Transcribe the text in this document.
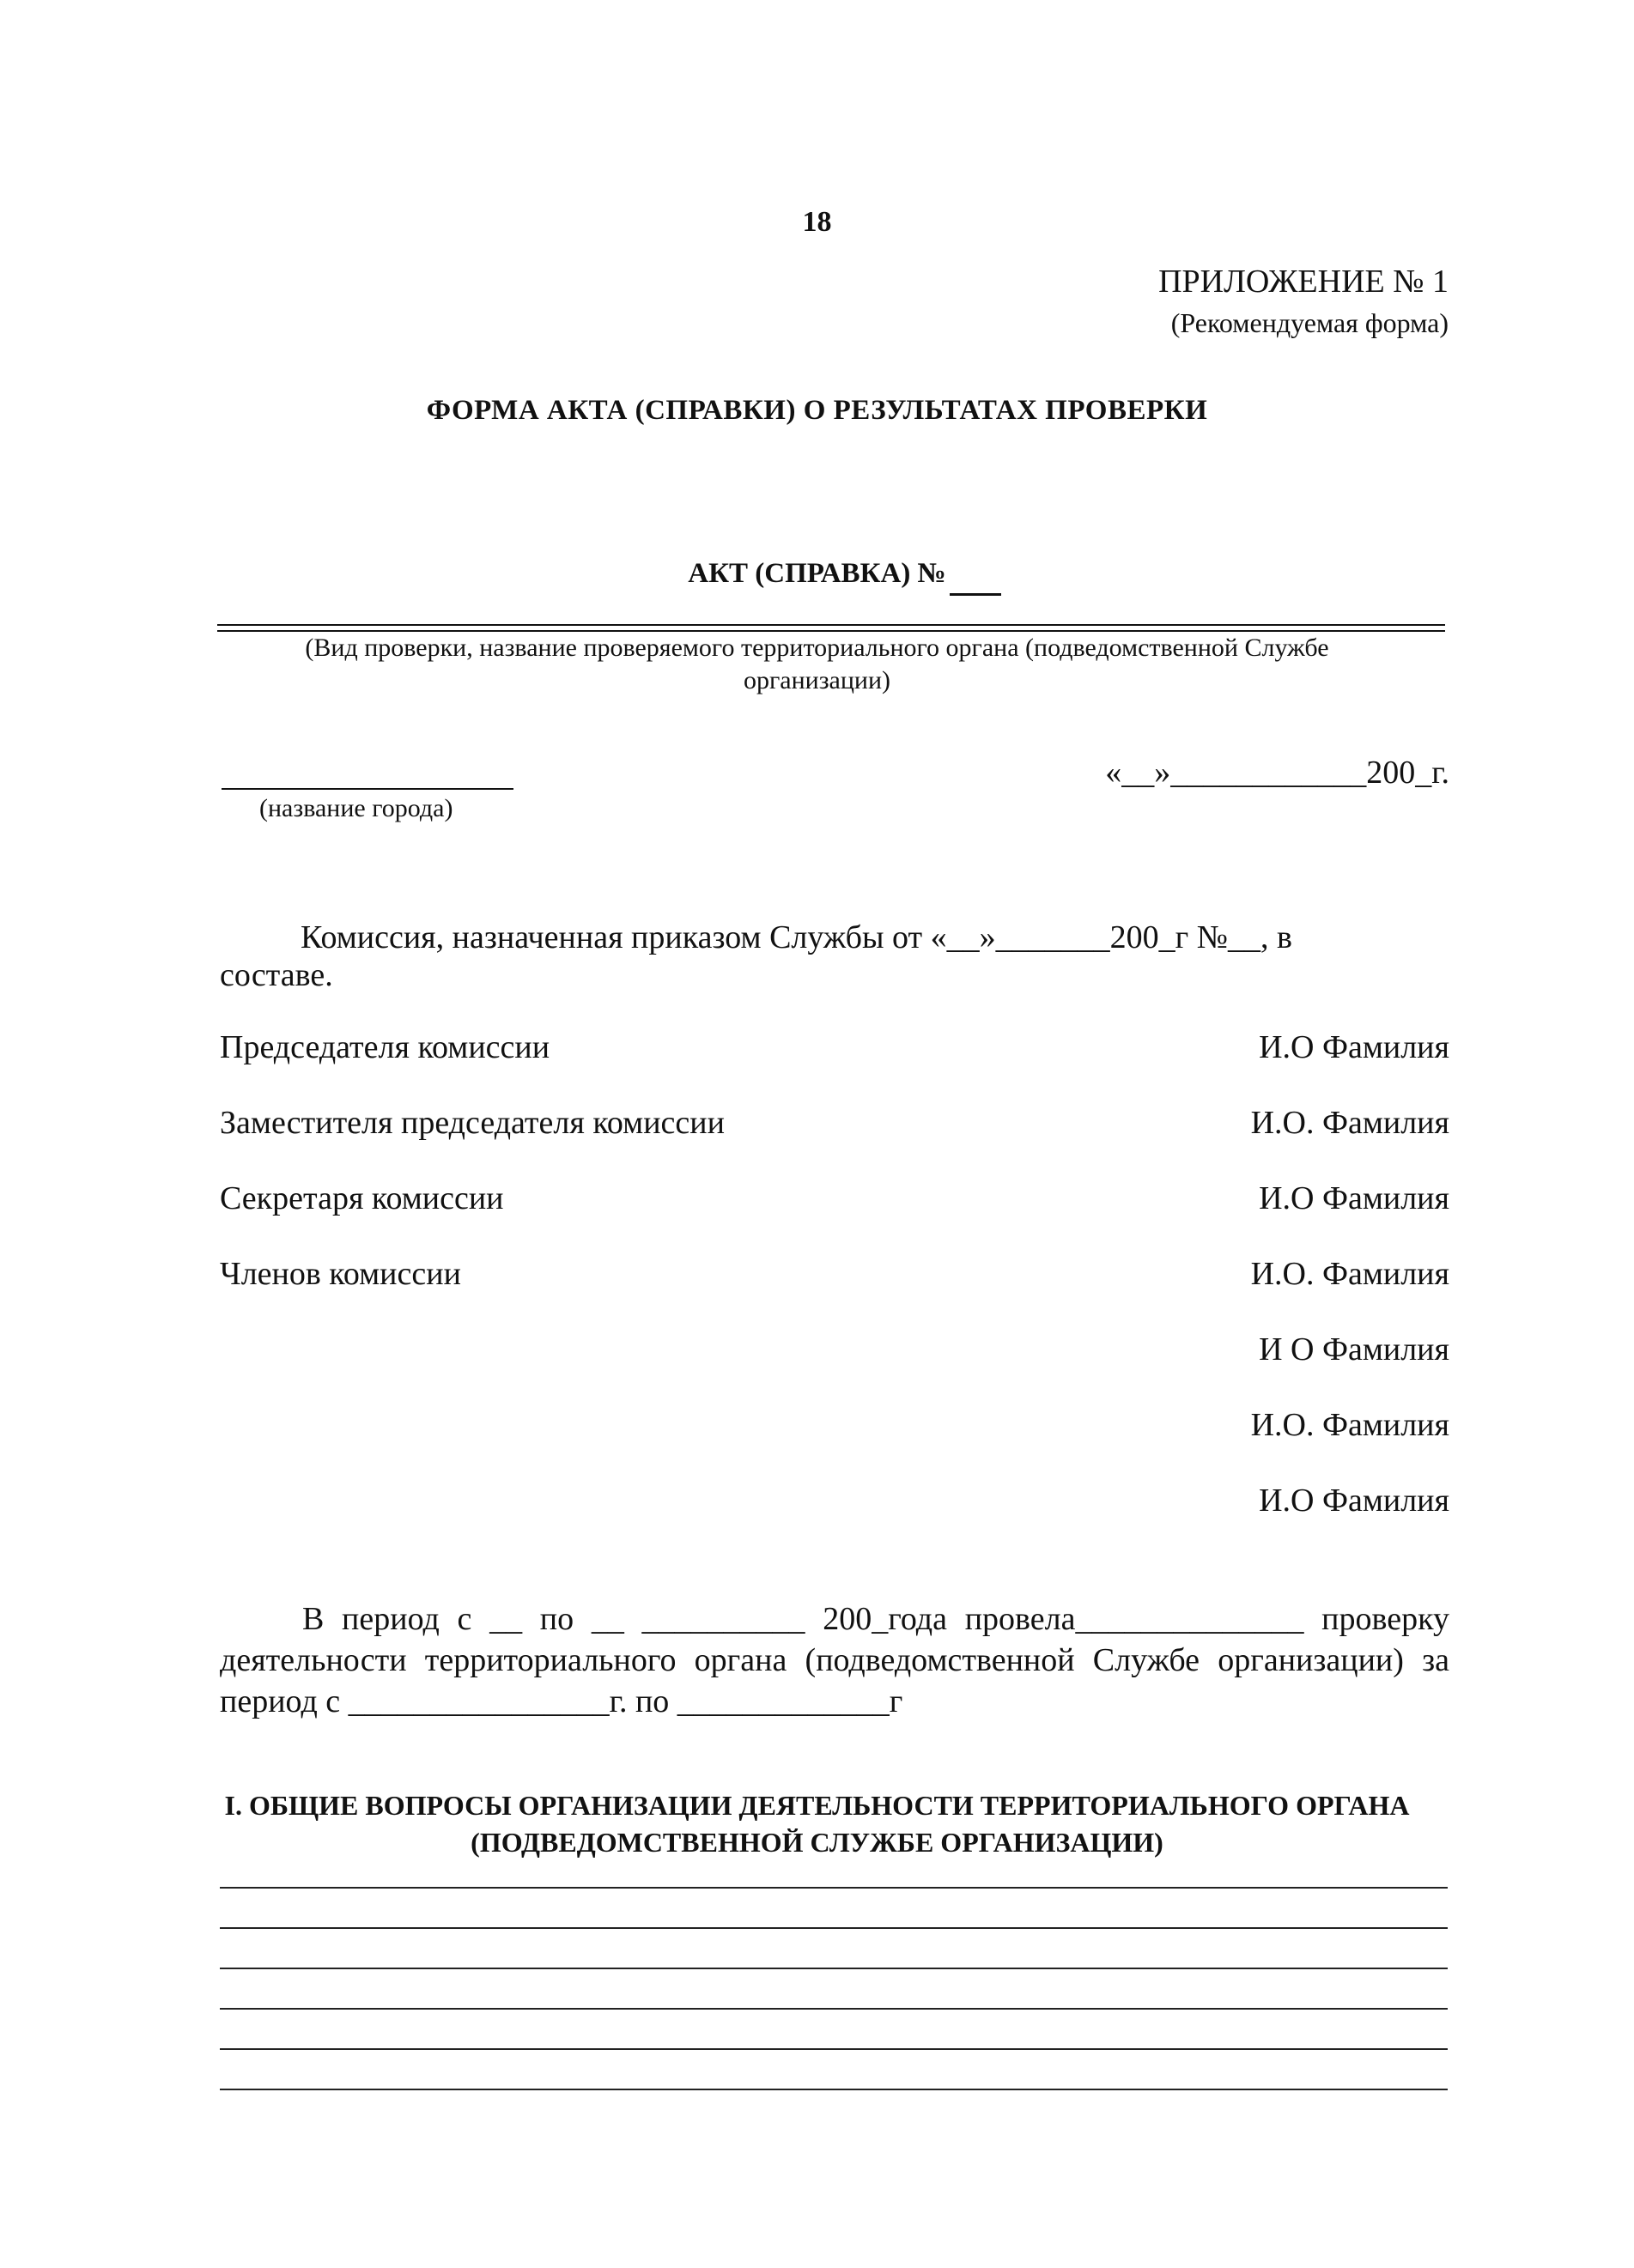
18
ПРИЛОЖЕНИЕ № 1
(Рекомендуемая форма)
ФОРМА АКТА (СПРАВКИ) О РЕЗУЛЬТАТАХ ПРОВЕРКИ
АКТ (СПРАВКА) №
(Вид проверки, название проверяемого территориального органа (подведомственной Службе
организации)
(название города)
«__»____________200_г.
Комиссия, назначенная приказом Службы от «__»_______200_г №__, в
составе.
Председателя комиссии	И.О Фамилия
Заместителя председателя комиссии	И.О. Фамилия
Секретаря комиссии	И.О Фамилия
Членов комиссии	И.О. Фамилия
И О Фамилия
И.О. Фамилия
И.О Фамилия
В период с __ по __ __________ 200_года провела______________ проверку
деятельности территориального органа (подведомственной Службе организации) за
период с ________________г. по _____________г
I. ОБЩИЕ ВОПРОСЫ ОРГАНИЗАЦИИ ДЕЯТЕЛЬНОСТИ ТЕРРИТОРИАЛЬНОГО ОРГАНА
(ПОДВЕДОМСТВЕННОЙ СЛУЖБЕ ОРГАНИЗАЦИИ)
